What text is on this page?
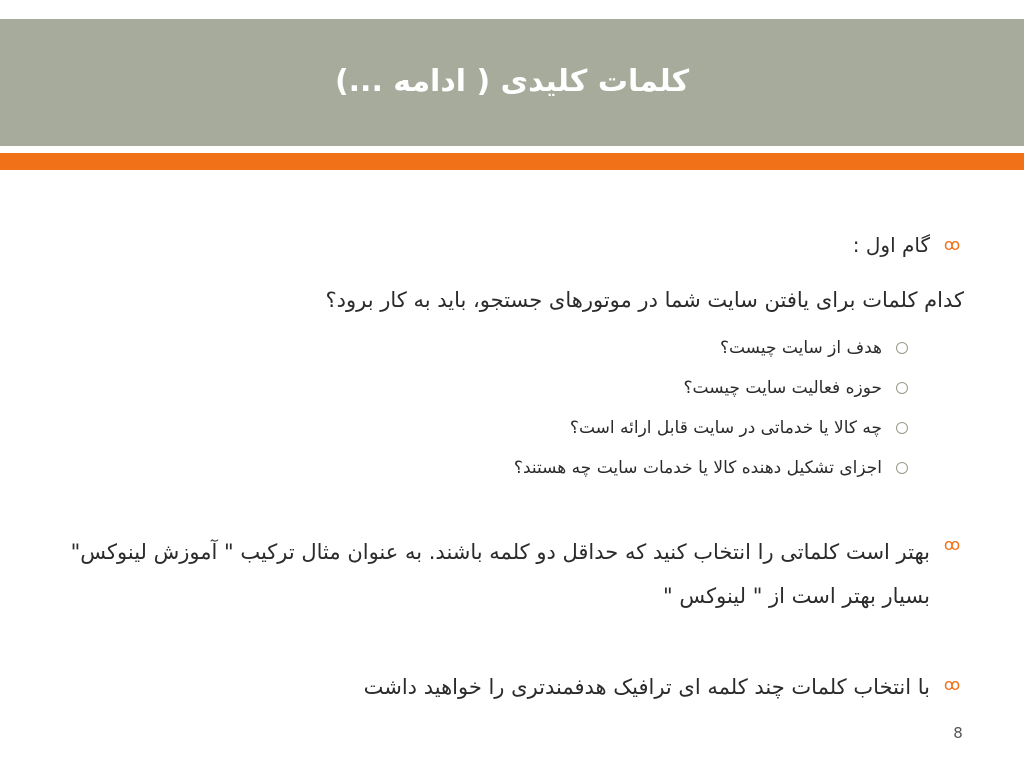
کلمات کلیدی ( ادامه ...)
ꝏ
گام اول :
کدام کلمات برای یافتن سایت شما در موتورهای جستجو، باید به کار برود؟
هدف از سایت چیست؟
حوزه فعالیت سایت چیست؟
چه کالا یا خدماتی در سایت قابل ارائه است؟
اجزای تشکیل دهنده کالا یا خدمات سایت چه هستند؟
ꝏ
بهتر است کلماتی را انتخاب کنید که حداقل دو کلمه باشند. به عنوان مثال ترکیب " آموزش لینوکس" بسیار بهتر است از " لینوکس "
ꝏ
با انتخاب کلمات چند کلمه ای ترافیک هدفمندتری را خواهید داشت
8
